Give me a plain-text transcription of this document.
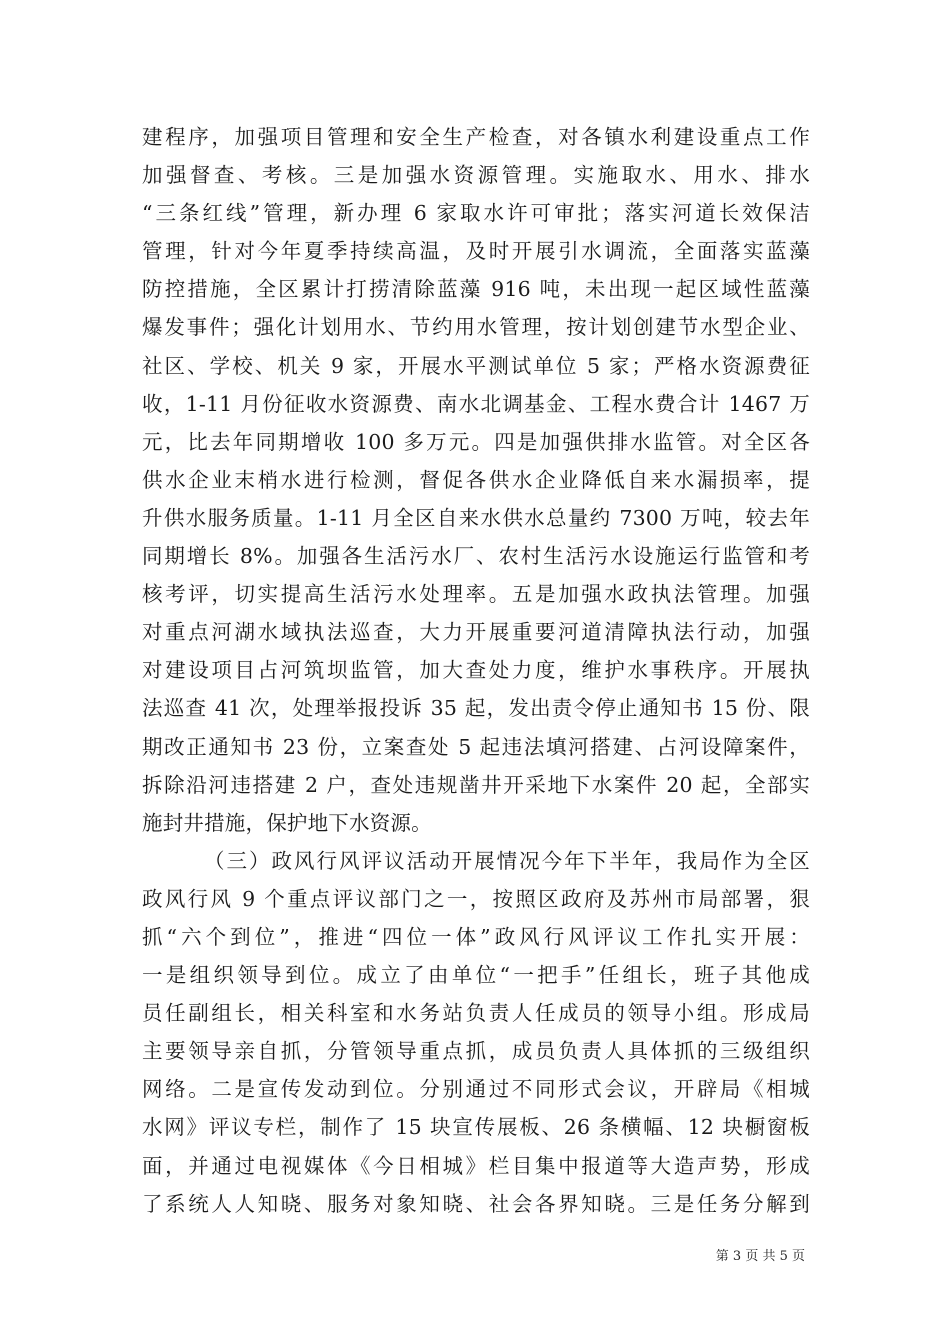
建程序，加强项目管理和安全生产检查，对各镇水利建设重点工作
加强督查、考核。三是加强水资源管理。实施取水、用水、排水
“三条红线”管理，新办理 6 家取水许可审批；落实河道长效保洁
管理，针对今年夏季持续高温，及时开展引水调流，全面落实蓝藻
防控措施，全区累计打捞清除蓝藻 916 吨，未出现一起区域性蓝藻
爆发事件；强化计划用水、节约用水管理，按计划创建节水型企业、
社区、学校、机关 9 家，开展水平测试单位 5 家；严格水资源费征
收，1-11 月份征收水资源费、南水北调基金、工程水费合计 1467 万
元，比去年同期增收 100 多万元。四是加强供排水监管。对全区各
供水企业末梢水进行检测，督促各供水企业降低自来水漏损率，提
升供水服务质量。1-11 月全区自来水供水总量约 7300 万吨，较去年
同期增长 8%。加强各生活污水厂、农村生活污水设施运行监管和考
核考评，切实提高生活污水处理率。五是加强水政执法管理。加强
对重点河湖水域执法巡查，大力开展重要河道清障执法行动，加强
对建设项目占河筑坝监管，加大查处力度，维护水事秩序。开展执
法巡查 41 次，处理举报投诉 35 起，发出责令停止通知书 15 份、限
期改正通知书 23 份，立案查处 5 起违法填河搭建、占河设障案件，
拆除沿河违搭建 2 户，查处违规凿井开采地下水案件 20 起，全部实
施封井措施，保护地下水资源。
（三）政风行风评议活动开展情况今年下半年，我局作为全区
政风行风 9 个重点评议部门之一，按照区政府及苏州市局部署，狠
抓“六个到位”，推进“四位一体”政风行风评议工作扎实开展：
一是组织领导到位。成立了由单位“一把手”任组长，班子其他成
员任副组长，相关科室和水务站负责人任成员的领导小组。形成局
主要领导亲自抓，分管领导重点抓，成员负责人具体抓的三级组织
网络。二是宣传发动到位。分别通过不同形式会议，开辟局《相城
水网》评议专栏，制作了 15 块宣传展板、26 条横幅、12 块橱窗板
面，并通过电视媒体《今日相城》栏目集中报道等大造声势，形成
了系统人人知晓、服务对象知晓、社会各界知晓。三是任务分解到
第 3 页 共 5 页
